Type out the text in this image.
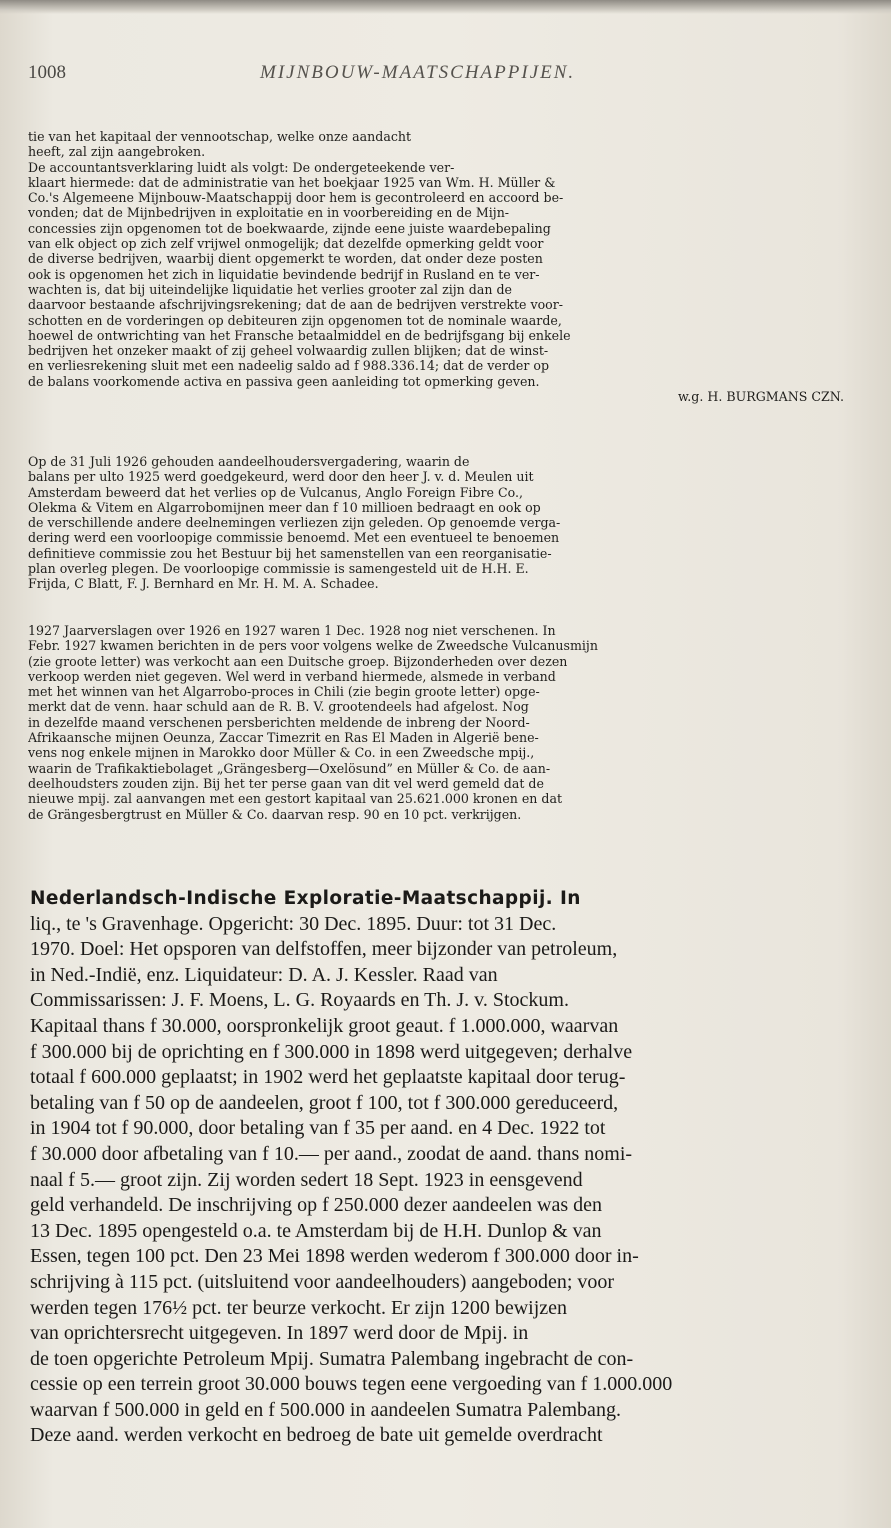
1008	MIJNBOUW-MAATSCHAPPIJEN.
tie van het kapitaal der vennootschap, welke onze aandacht
heeft, zal zijn aangebroken.
De accountantsverklaring luidt als volgt: De ondergeteekende ver-
klaart hiermede: dat de administratie van het boekjaar 1925 van Wm. H. Müller &
Co.'s Algemeene Mijnbouw-Maatschappij door hem is gecontroleerd en accoord be-
vonden; dat de Mijnbedrijven in exploitatie en in voorbereiding en de Mijn-
concessies zijn opgenomen tot de boekwaarde, zijnde eene juiste waardebepaling
van elk object op zich zelf vrijwel onmogelijk; dat dezelfde opmerking geldt voor
de diverse bedrijven, waarbij dient opgemerkt te worden, dat onder deze posten
ook is opgenomen het zich in liquidatie bevindende bedrijf in Rusland en te ver-
wachten is, dat bij uiteindelijke liquidatie het verlies grooter zal zijn dan de
daarvoor bestaande afschrijvingsrekening; dat de aan de bedrijven verstrekte voor-
schotten en de vorderingen op debiteuren zijn opgenomen tot de nominale waarde,
hoewel de ontwrichting van het Fransche betaalmiddel en de bedrijfsgang bij enkele
bedrijven het onzeker maakt of zij geheel volwaardig zullen blijken; dat de winst-
en verliesrekening sluit met een nadeelig saldo ad f 988.336.14; dat de verder op
de balans voorkomende activa en passiva geen aanleiding tot opmerking geven.
w.g. H. BURGMANS CZN.
Op de 31 Juli 1926 gehouden aandeelhoudersvergadering, waarin de
balans per ulto 1925 werd goedgekeurd, werd door den heer J. v. d. Meulen uit
Amsterdam beweerd dat het verlies op de Vulcanus, Anglo Foreign Fibre Co.,
Olekma & Vitem en Algarrobomijnen meer dan f 10 millioen bedraagt en ook op
de verschillende andere deelnemingen verliezen zijn geleden. Op genoemde verga-
dering werd een voorloopige commissie benoemd. Met een eventueel te benoemen
definitieve commissie zou het Bestuur bij het samenstellen van een reorganisatie-
plan overleg plegen. De voorloopige commissie is samengesteld uit de H.H. E.
Frijda, C Blatt, F. J. Bernhard en Mr. H. M. A. Schadee.
1927 Jaarverslagen over 1926 en 1927 waren 1 Dec. 1928 nog niet verschenen. In
Febr. 1927 kwamen berichten in de pers voor volgens welke de Zweedsche Vulcanusmijn
(zie groote letter) was verkocht aan een Duitsche groep. Bijzonderheden over dezen
verkoop werden niet gegeven. Wel werd in verband hiermede, alsmede in verband
met het winnen van het Algarrobo-proces in Chili (zie begin groote letter) opge-
merkt dat de venn. haar schuld aan de R. B. V. grootendeels had afgelost. Nog
in dezelfde maand verschenen persberichten meldende de inbreng der Noord-
Afrikaansche mijnen Oeunza, Zaccar Timezrit en Ras El Maden in Algerië bene-
vens nog enkele mijnen in Marokko door Müller & Co. in een Zweedsche mpij.,
waarin de Trafikaktiebolaget „Grängesberg—Oxelösund” en Müller & Co. de aan-
deelhoudsters zouden zijn. Bij het ter perse gaan van dit vel werd gemeld dat de
nieuwe mpij. zal aanvangen met een gestort kapitaal van 25.621.000 kronen en dat
de Grängesbergtrust en Müller & Co. daarvan resp. 90 en 10 pct. verkrijgen.
Nederlandsch-Indische Exploratie-Maatschappij. In
liq., te 's Gravenhage. Opgericht: 30 Dec. 1895. Duur: tot 31 Dec.
1970. Doel: Het opsporen van delfstoffen, meer bijzonder van petroleum,
in Ned.-Indië, enz. Liquidateur: D. A. J. Kessler. Raad van
Commissarissen: J. F. Moens, L. G. Royaards en Th. J. v. Stockum.
Kapitaal thans f 30.000, oorspronkelijk groot geaut. f 1.000.000, waarvan
f 300.000 bij de oprichting en f 300.000 in 1898 werd uitgegeven; derhalve
totaal f 600.000 geplaatst; in 1902 werd het geplaatste kapitaal door terug-
betaling van f 50 op de aandeelen, groot f 100, tot f 300.000 gereduceerd,
in 1904 tot f 90.000, door betaling van f 35 per aand. en 4 Dec. 1922 tot
f 30.000 door afbetaling van f 10.— per aand., zoodat de aand. thans nomi-
naal f 5.— groot zijn. Zij worden sedert 18 Sept. 1923 in eensgevend
geld verhandeld. De inschrijving op f 250.000 dezer aandeelen was den
13 Dec. 1895 opengesteld o.a. te Amsterdam bij de H.H. Dunlop & van
Essen, tegen 100 pct. Den 23 Mei 1898 werden wederom f 300.000 door in-
schrijving à 115 pct. (uitsluitend voor aandeelhouders) aangeboden; voor
werden tegen 176½ pct. ter beurze verkocht. Er zijn 1200 bewijzen
van oprichtersrecht uitgegeven. In 1897 werd door de Mpij. in
de toen opgerichte Petroleum Mpij. Sumatra Palembang ingebracht de con-
cessie op een terrein groot 30.000 bouws tegen eene vergoeding van f 1.000.000
waarvan f 500.000 in geld en f 500.000 in aandeelen Sumatra Palembang.
Deze aand. werden verkocht en bedroeg de bate uit gemelde overdracht
